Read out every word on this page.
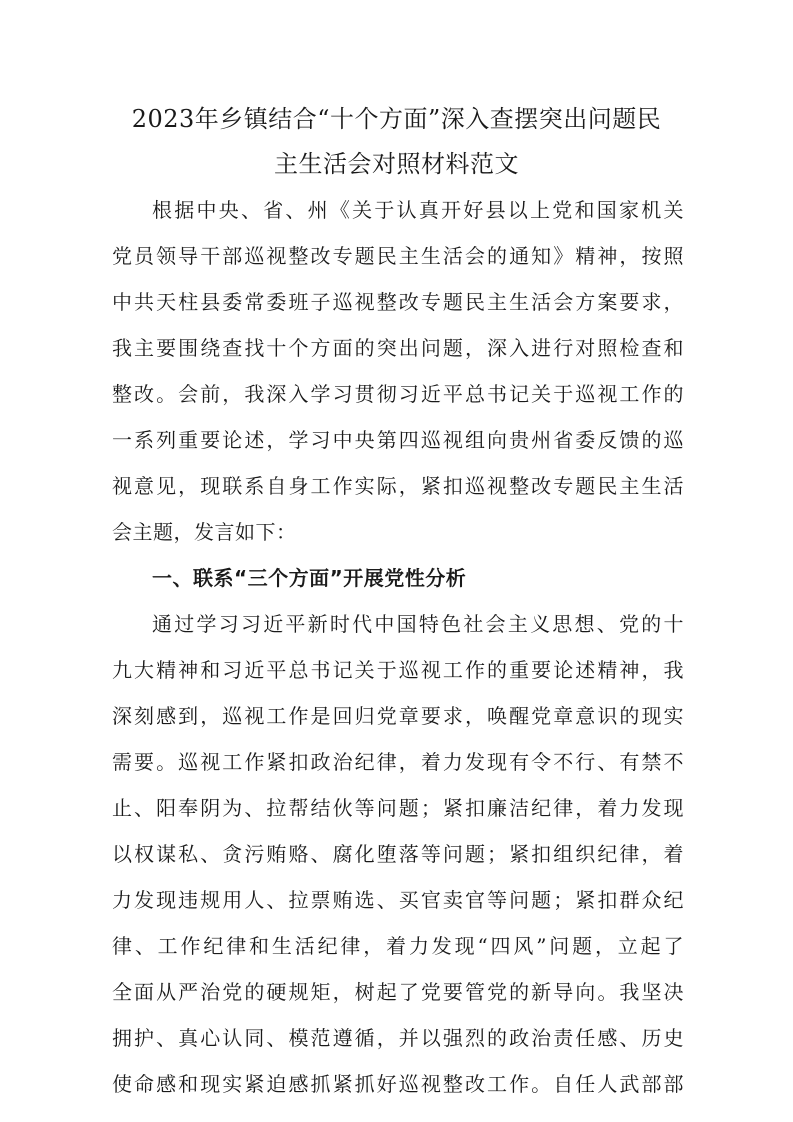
2023年乡镇结合“十个方面”深入查摆突出问题民
主生活会对照材料范文
根据中央、省、州《关于认真开好县以上党和国家机关
党员领导干部巡视整改专题民主生活会的通知》精神，按照
中共天柱县委常委班子巡视整改专题民主生活会方案要求，
我主要围绕查找十个方面的突出问题，深入进行对照检查和
整改。会前，我深入学习贯彻习近平总书记关于巡视工作的
一系列重要论述，学习中央第四巡视组向贵州省委反馈的巡
视意见，现联系自身工作实际，紧扣巡视整改专题民主生活
会主题，发言如下：
一、联系“三个方面”开展党性分析
通过学习习近平新时代中国特色社会主义思想、党的十
九大精神和习近平总书记关于巡视工作的重要论述精神，我
深刻感到，巡视工作是回归党章要求，唤醒党章意识的现实
需要。巡视工作紧扣政治纪律，着力发现有令不行、有禁不
止、阳奉阴为、拉帮结伙等问题；紧扣廉洁纪律，着力发现
以权谋私、贪污贿赂、腐化堕落等问题；紧扣组织纪律，着
力发现违规用人、拉票贿选、买官卖官等问题；紧扣群众纪
律、工作纪律和生活纪律，着力发现“四风”问题，立起了
全面从严治党的硬规矩，树起了党要管党的新导向。我坚决
拥护、真心认同、模范遵循，并以强烈的政治责任感、历史
使命感和现实紧迫感抓紧抓好巡视整改工作。自任人武部部
